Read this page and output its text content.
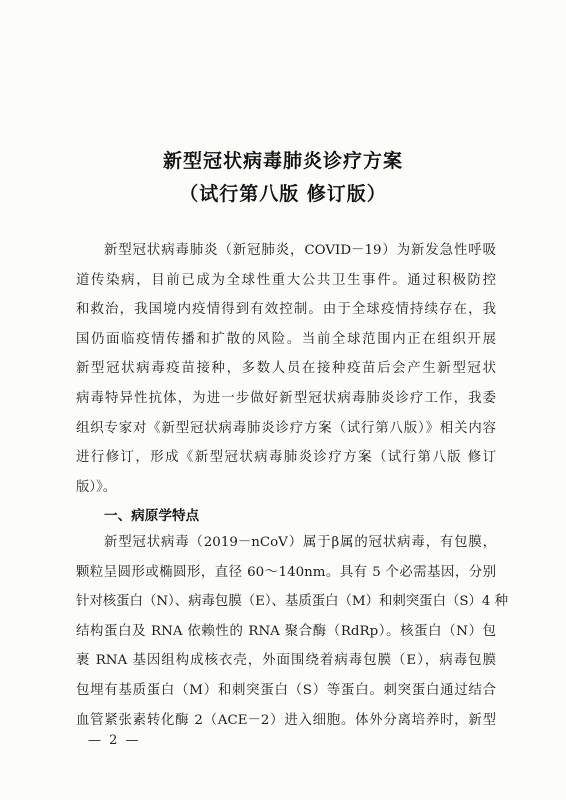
新型冠状病毒肺炎诊疗方案
（试行第八版 修订版）
新型冠状病毒肺炎（新冠肺炎，COVID－19）为新发急性呼吸
道传染病，目前已成为全球性重大公共卫生事件。通过积极防控
和救治，我国境内疫情得到有效控制。由于全球疫情持续存在，我
国仍面临疫情传播和扩散的风险。当前全球范围内正在组织开展
新型冠状病毒疫苗接种，多数人员在接种疫苗后会产生新型冠状
病毒特异性抗体，为进一步做好新型冠状病毒肺炎诊疗工作，我委
组织专家对《新型冠状病毒肺炎诊疗方案（试行第八版）》相关内容
进行修订，形成《新型冠状病毒肺炎诊疗方案（试行第八版 修订
版）》。
一、病原学特点
新型冠状病毒（2019－nCoV）属于β属的冠状病毒，有包膜，
颗粒呈圆形或椭圆形，直径 60～140nm。具有 5 个必需基因，分别
针对核蛋白（N）、病毒包膜（E）、基质蛋白（M）和刺突蛋白（S）4 种
结构蛋白及 RNA 依赖性的 RNA 聚合酶（RdRp）。核蛋白（N）包
裹 RNA 基因组构成核衣壳，外面围绕着病毒包膜（E），病毒包膜
包埋有基质蛋白（M）和刺突蛋白（S）等蛋白。刺突蛋白通过结合
血管紧张素转化酶 2（ACE－2）进入细胞。体外分离培养时，新型
— 2 —
